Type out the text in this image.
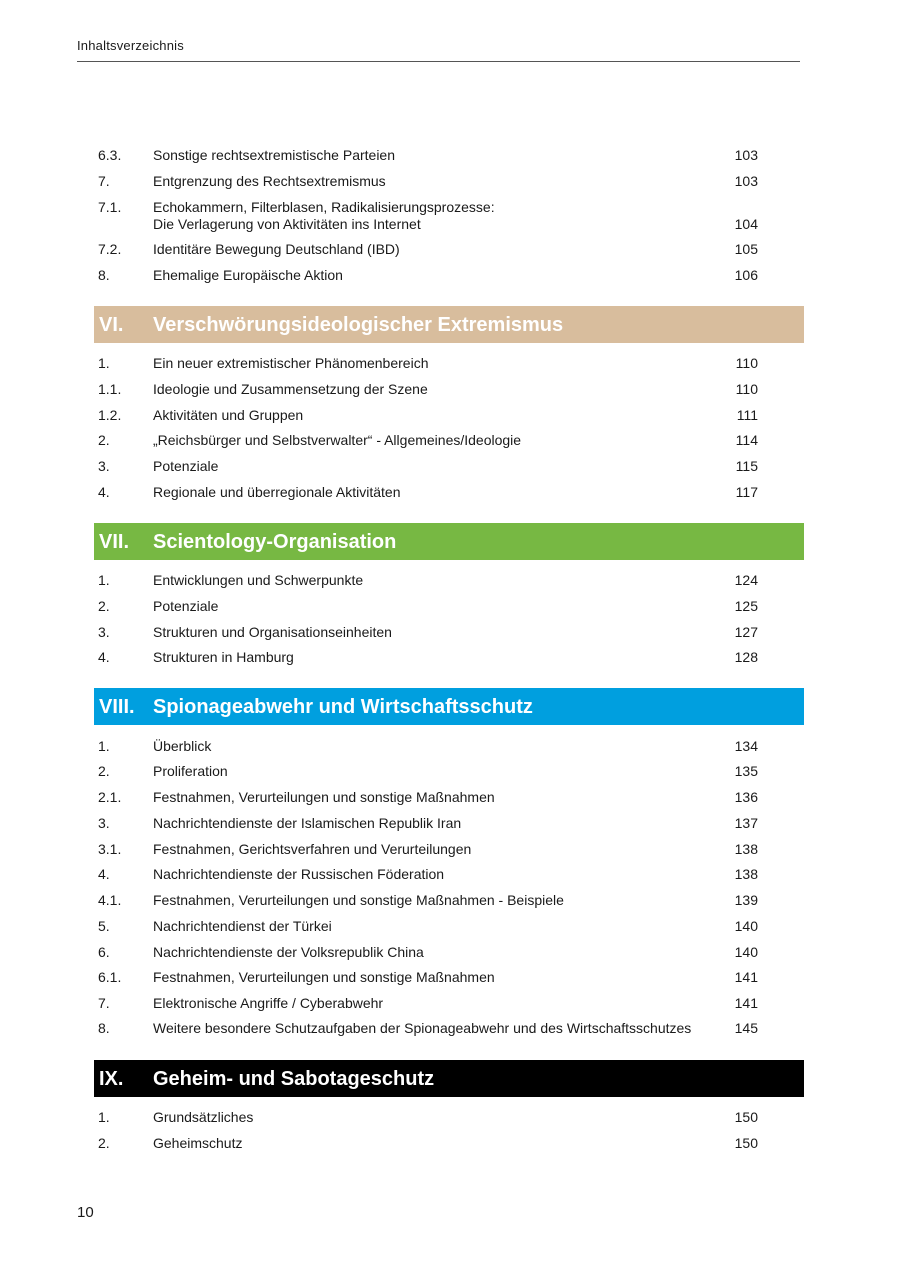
Inhaltsverzeichnis
6.3. Sonstige rechtsextremistische Parteien	103
7.	Entgrenzung des Rechtsextremismus	103
7.1. Echokammern, Filterblasen, Radikalisierungsprozesse:
Die Verlagerung von Aktivitäten ins Internet	104
7.2. Identitäre Bewegung Deutschland (IBD)	105
8.	Ehemalige Europäische Aktion	106
VI. Verschwörungsideologischer Extremismus
1.	Ein neuer extremistischer Phänomenbereich	110
1.1. Ideologie und Zusammensetzung der Szene	110
1.2. Aktivitäten und Gruppen	111
2.	„Reichsbürger und Selbstverwalter“ - Allgemeines/Ideologie	114
3.	Potenziale	115
4.	Regionale und überregionale Aktivitäten	117
VII. Scientology-Organisation
1.	Entwicklungen und Schwerpunkte	124
2.	Potenziale	125
3.	Strukturen und Organisationseinheiten	127
4.	Strukturen in Hamburg	128
VIII. Spionageabwehr und Wirtschaftsschutz
1.	Überblick	134
2.	Proliferation	135
2.1. Festnahmen, Verurteilungen und sonstige Maßnahmen	136
3.	Nachrichtendienste der Islamischen Republik Iran	137
3.1. Festnahmen, Gerichtsverfahren und Verurteilungen	138
4.	Nachrichtendienste der Russischen Föderation	138
4.1. Festnahmen, Verurteilungen und sonstige Maßnahmen - Beispiele	139
5.	Nachrichtendienst der Türkei	140
6.	Nachrichtendienste der Volksrepublik China	140
6.1. Festnahmen, Verurteilungen und sonstige Maßnahmen	141
7.	Elektronische Angriffe / Cyberabwehr	141
8.	Weitere besondere Schutzaufgaben der Spionageabwehr und des Wirtschaftsschutzes	145
IX. Geheim- und Sabotageschutz
1.	Grundsätzliches	150
2.	Geheimschutz	150
10
